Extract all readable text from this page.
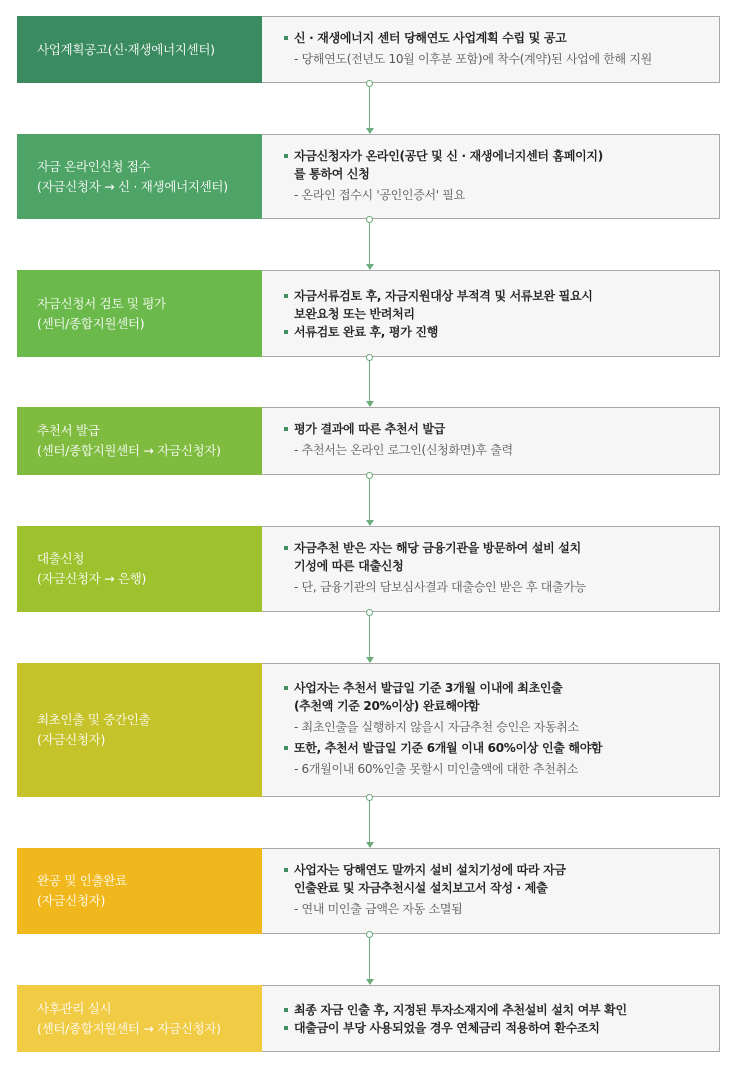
사업계획공고(신·재생에너지센터)
신 · 재생에너지 센터 당해연도 사업계획 수립 및 공고
- 당해연도(전년도 10월 이후분 포함)에 착수(계약)된 사업에 한해 지원
자금 온라인신청 접수
(자금신청자 → 신 · 재생에너지센터)
자금신청자가 온라인(공단 및 신 · 재생에너지센터 홈페이지)
를 통하여 신청
- 온라인 접수시 '공인인증서' 필요
자금신청서 검토 및 평가
(센터/종합지원센터)
자금서류검토 후, 자금지원대상 부적격 및 서류보완 필요시
보완요청 또는 반려처리
서류검토 완료 후, 평가 진행
추천서 발급
(센터/종합지원센터 → 자금신청자)
평가 결과에 따른 추천서 발급
- 추천서는 온라인 로그인(신청화면)후 출력
대출신청
(자금신청자 → 은행)
자금추천 받은 자는 해당 금융기관을 방문하여 설비 설치
기성에 따른 대출신청
- 단, 금융기관의 담보심사결과 대출승인 받은 후 대출가능
최초인출 및 중간인출
(자금신청자)
사업자는 추천서 발급일 기준 3개월 이내에 최초인출
(추천액 기준 20%이상) 완료해야함
- 최초인출을 실행하지 않을시 자금추천 승인은 자동취소
또한, 추천서 발급일 기준 6개월 이내 60%이상 인출 해야함
- 6개월이내 60%인출 못할시 미인출액에 대한 추천취소
완공 및 인출완료
(자금신청자)
사업자는 당해연도 말까지 설비 설치기성에 따라 자금
인출완료 및 자금추천시설 설치보고서 작성 · 제출
- 연내 미인출 금액은 자동 소멸됨
사후관리 실시
(센터/종합지원센터 → 자금신청자)
최종 자금 인출 후, 지정된 투자소재지에 추천설비 설치 여부 확인
대출금이 부당 사용되었을 경우 연체금리 적용하여 환수조치
